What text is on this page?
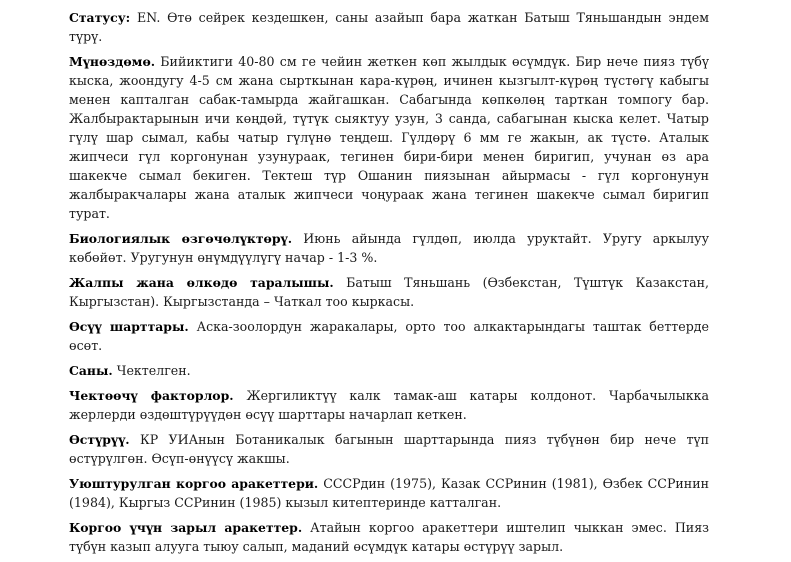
Статусу: EN. Өтө сейрек кездешкен, саны азайып бара жаткан Батыш Тяньшандын эндем түрү.

Мүнөздөмө. Бийиктиги 40-80 см ге чейин жеткен көп жылдык өсүмдүк. Бир нече пияз түбү кыска, жоондугу 4-5 см жана сырткынан кара-күрөң, ичинен кызгылт-күрөң түстөгү кабыгы менен капталган сабак-тамырда жайгашкан. Сабагында көпкөлөң тарткан томпогу бар. Жалбырактарынын ичи көңдөй, түтүк сыяктуу узун, 3 санда, сабагынан кыска келет. Чатыр гүлү шар сымал, кабы чатыр гүлүнө теңдеш. Гүлдөрү 6 мм ге жакын, ак түстө. Аталык жипчеси гүл коргонунан узунураак, тегинен бири-бири менен биригип, учунан өз ара шакекче сымал бекиген. Тектеш түр Ошанин пиязынан айырмасы - гүл коргонунун жалбыракчалары жана аталык жипчеси чоңураак жана тегинен шакекче сымал биригип турат.

Биологиялык өзгөчөлүктөрү. Июнь айында гүлдөп, июлда уруктайт. Уругу аркылуу көбөйөт. Уругунун өнүмдүүлүгү начар - 1-3 %.

Жалпы жана өлкөдө таралышы. Батыш Тяньшань (Өзбекстан, Түштүк Казакстан, Кыргызстан). Кыргызстанда – Чаткал тоо кыркасы.

Өсүү шарттары. Аска-зоолордун жаракалары, орто тоо алкактарындагы таштак беттерде өсөт.

Саны. Чектелген.

Чектөөчү факторлор. Жергиликтүү калк тамак-аш катары колдонот. Чарбачылыкка жерлерди өздөштүрүүдөн өсүү шарттары начарлап кеткен.

Өстүрүү. КР УИАнын Ботаникалык багынын шарттарында пияз түбүнөн бир нече түп өстүрүлгөн. Өсүп-өнүүсү жакшы.

Уюштурулган коргоо аракеттери. СССРдин (1975), Казак ССРинин (1981), Өзбек ССРинин (1984), Кыргыз ССРинин (1985) кызыл китептеринде катталган.

Коргоо үчүн зарыл аракеттер. Атайын коргоо аракеттери иштелип чыккан эмес. Пияз түбүн казып алууга тыюу салып, маданий өсүмдүк катары өстүрүү зарыл.
